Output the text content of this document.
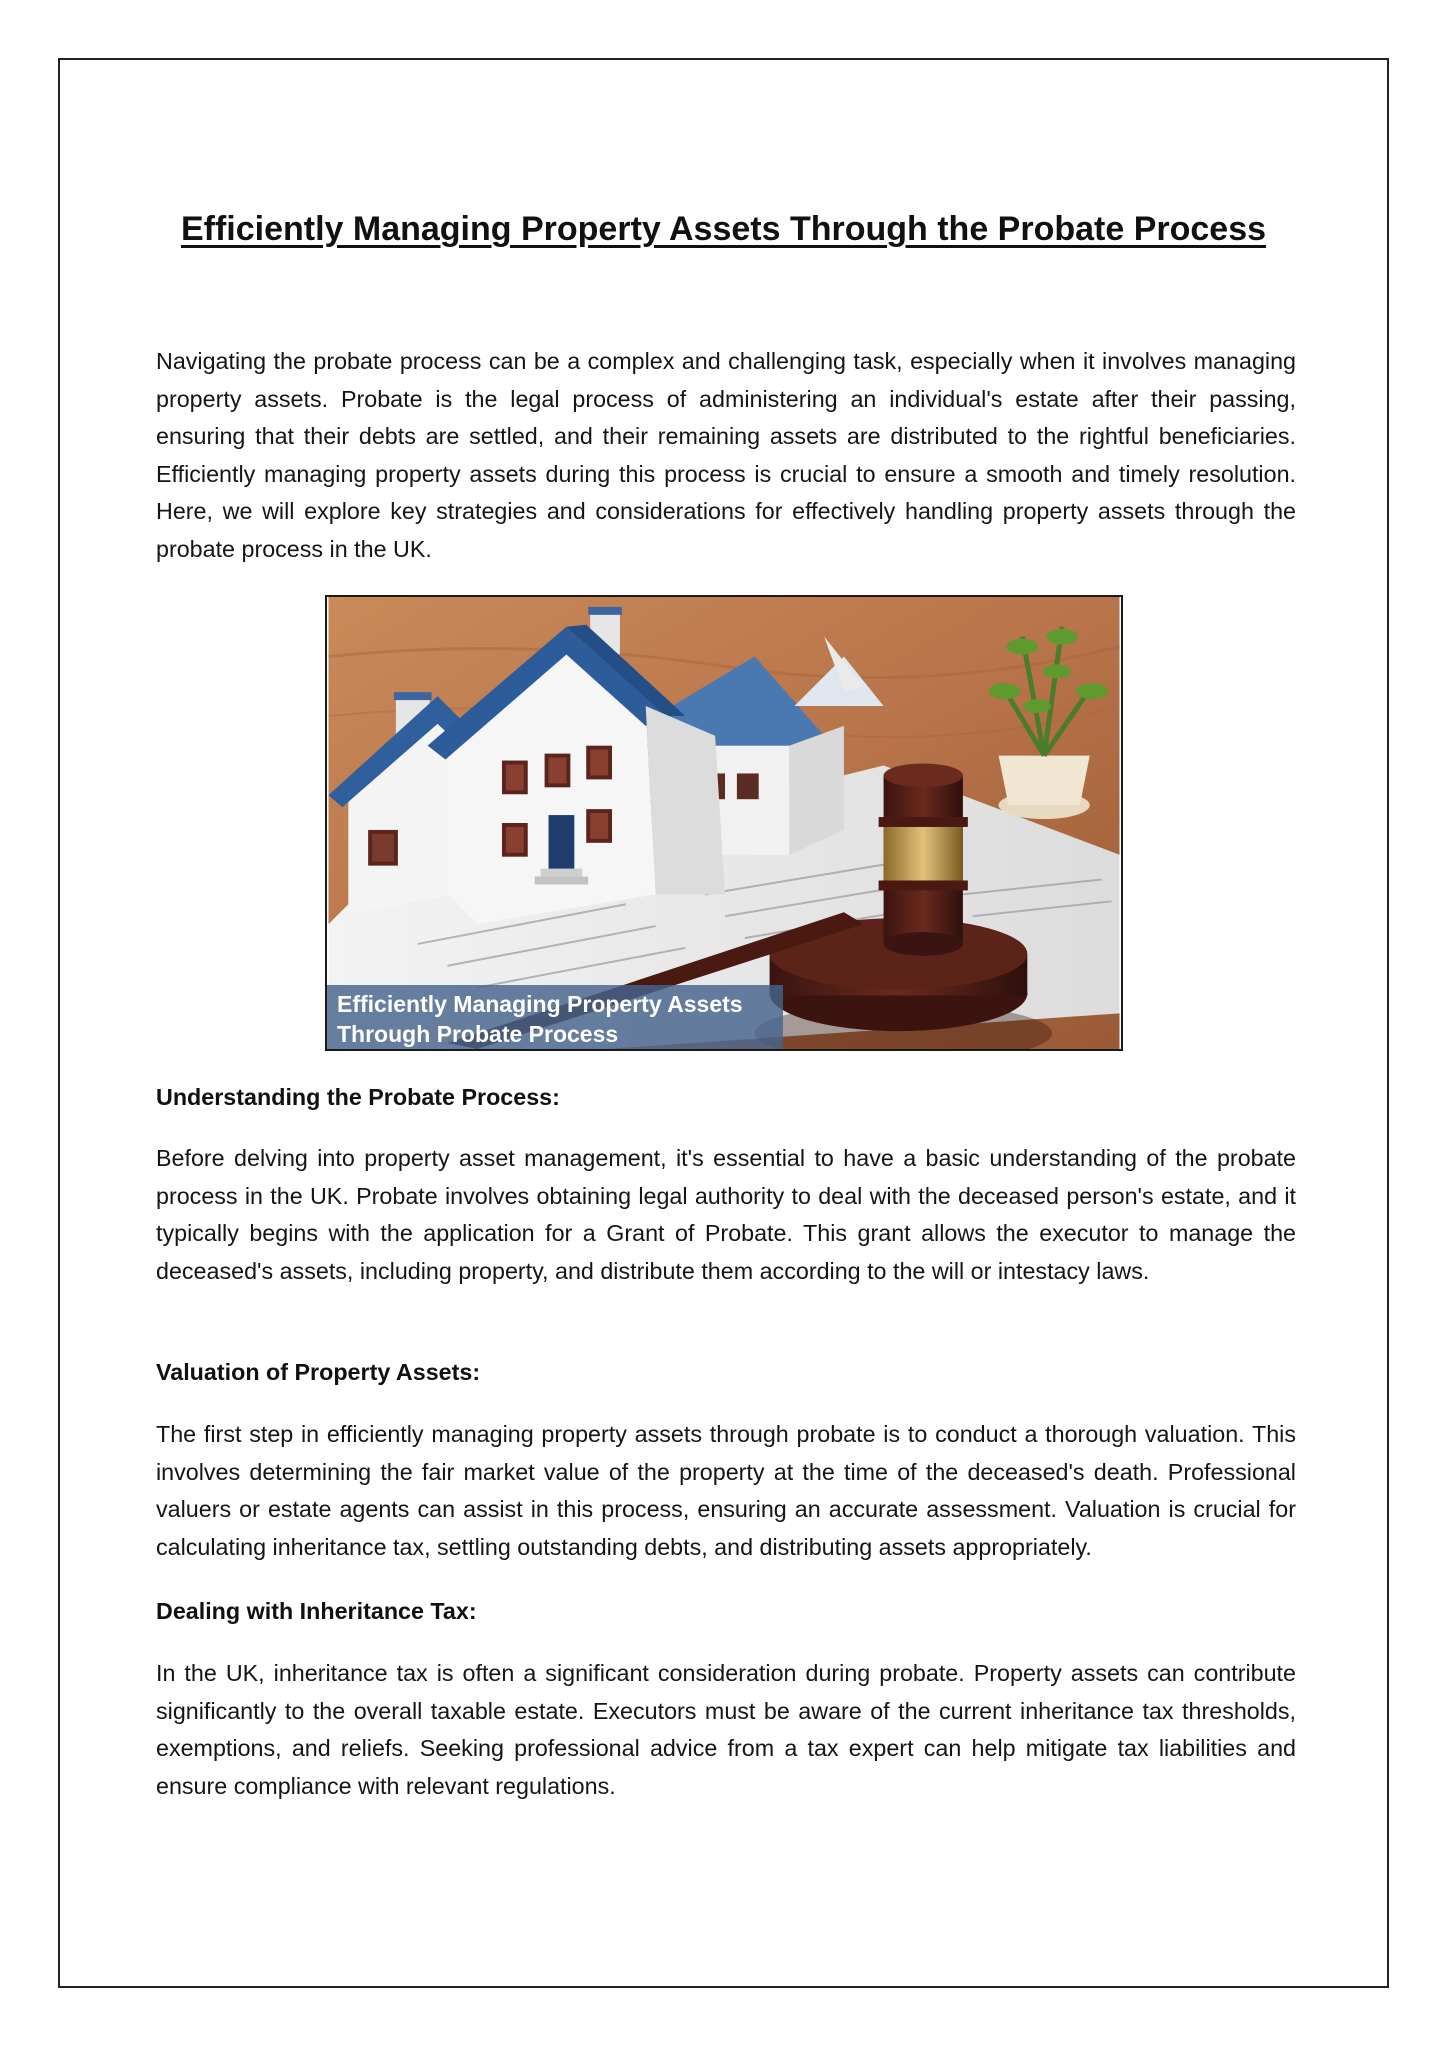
Efficiently Managing Property Assets Through the Probate Process

Navigating the probate process can be a complex and challenging task, especially when it involves managing property assets. Probate is the legal process of administering an individual's estate after their passing, ensuring that their debts are settled, and their remaining assets are distributed to the rightful beneficiaries. Efficiently managing property assets during this process is crucial to ensure a smooth and timely resolution. Here, we will explore key strategies and considerations for effectively handling property assets through the probate process in the UK.

Efficiently Managing Property Assets
Through Probate Process
Understanding the Probate Process:

Before delving into property asset management, it's essential to have a basic understanding of the probate process in the UK. Probate involves obtaining legal authority to deal with the deceased person's estate, and it typically begins with the application for a Grant of Probate. This grant allows the executor to manage the deceased's assets, including property, and distribute them according to the will or intestacy laws.

Valuation of Property Assets:

The first step in efficiently managing property assets through probate is to conduct a thorough valuation. This involves determining the fair market value of the property at the time of the deceased's death. Professional valuers or estate agents can assist in this process, ensuring an accurate assessment. Valuation is crucial for calculating inheritance tax, settling outstanding debts, and distributing assets appropriately.

Dealing with Inheritance Tax:

In the UK, inheritance tax is often a significant consideration during probate. Property assets can contribute significantly to the overall taxable estate. Executors must be aware of the current inheritance tax thresholds, exemptions, and reliefs. Seeking professional advice from a tax expert can help mitigate tax liabilities and ensure compliance with relevant regulations.
